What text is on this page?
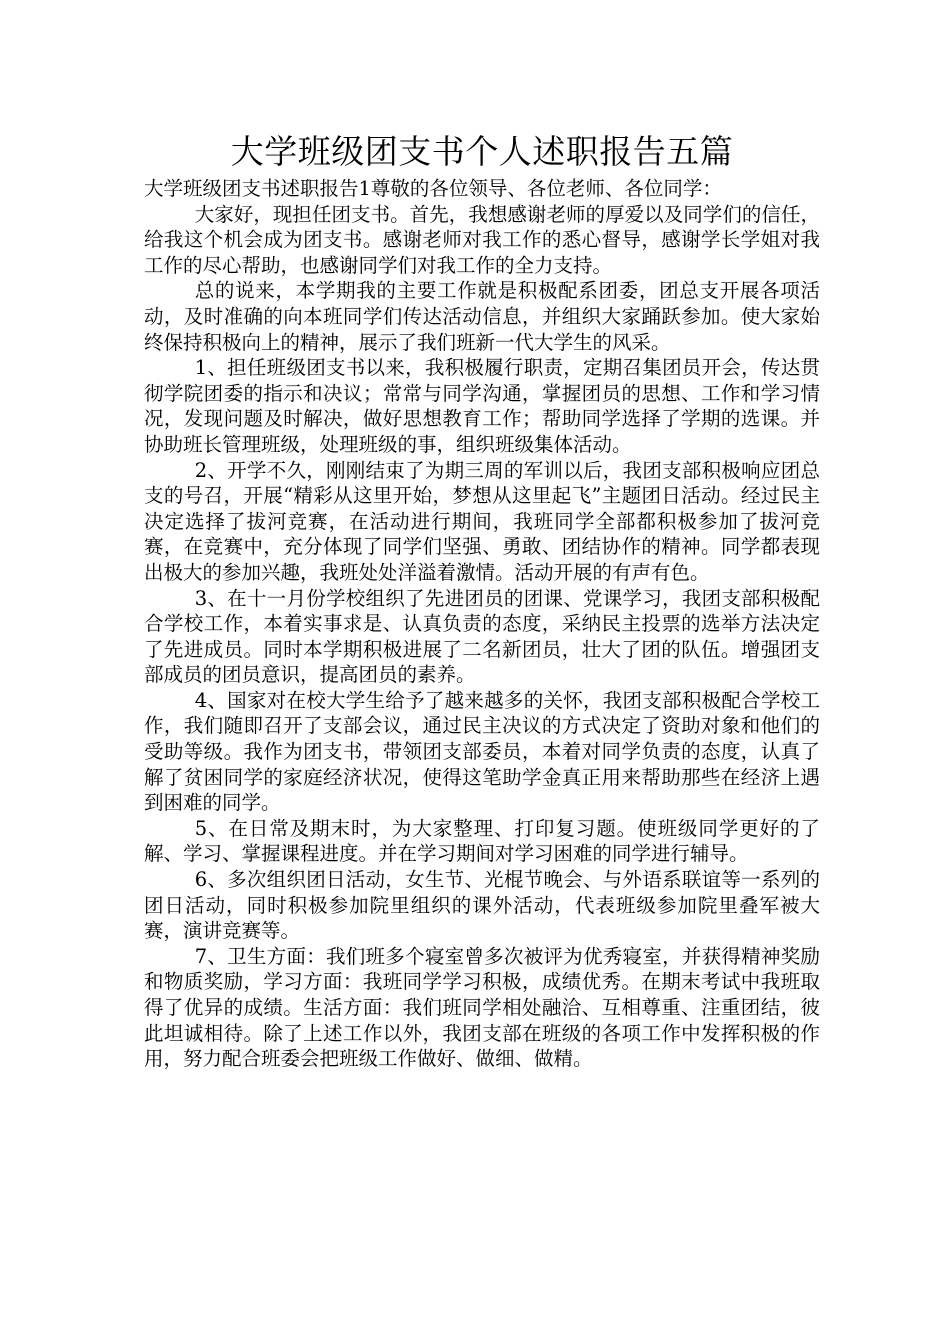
大学班级团支书个人述职报告五篇

大学班级团支书述职报告1尊敬的各位领导、各位老师、各位同学：

大家好，现担任团支书。首先，我想感谢老师的厚爱以及同学们的信任，给我这个机会成为团支书。感谢老师对我工作的悉心督导，感谢学长学姐对我工作的尽心帮助，也感谢同学们对我工作的全力支持。

总的说来，本学期我的主要工作就是积极配系团委，团总支开展各项活动，及时准确的向本班同学们传达活动信息，并组织大家踊跃参加。使大家始终保持积极向上的精神，展示了我们班新一代大学生的风采。

1、担任班级团支书以来，我积极履行职责，定期召集团员开会，传达贯彻学院团委的指示和决议；常常与同学沟通，掌握团员的思想、工作和学习情况，发现问题及时解决，做好思想教育工作；帮助同学选择了学期的选课。并协助班长管理班级，处理班级的事，组织班级集体活动。

2、开学不久，刚刚结束了为期三周的军训以后，我团支部积极响应团总支的号召，开展“精彩从这里开始，梦想从这里起飞”主题团日活动。经过民主决定选择了拔河竞赛，在活动进行期间，我班同学全部都积极参加了拔河竞赛，在竞赛中，充分体现了同学们坚强、勇敢、团结协作的精神。同学都表现出极大的参加兴趣，我班处处洋溢着激情。活动开展的有声有色。

3、在十一月份学校组织了先进团员的团课、党课学习，我团支部积极配合学校工作，本着实事求是、认真负责的态度，采纳民主投票的选举方法决定了先进成员。同时本学期积极进展了二名新团员，壮大了团的队伍。增强团支部成员的团员意识，提高团员的素养。

4、国家对在校大学生给予了越来越多的关怀，我团支部积极配合学校工作，我们随即召开了支部会议，通过民主决议的方式决定了资助对象和他们的受助等级。我作为团支书，带领团支部委员，本着对同学负责的态度，认真了解了贫困同学的家庭经济状况，使得这笔助学金真正用来帮助那些在经济上遇到困难的同学。

5、在日常及期末时，为大家整理、打印复习题。使班级同学更好的了解、学习、掌握课程进度。并在学习期间对学习困难的同学进行辅导。

6、多次组织团日活动，女生节、光棍节晚会、与外语系联谊等一系列的团日活动，同时积极参加院里组织的课外活动，代表班级参加院里叠军被大赛，演讲竞赛等。

7、卫生方面：我们班多个寝室曾多次被评为优秀寝室，并获得精神奖励和物质奖励，学习方面：我班同学学习积极，成绩优秀。在期末考试中我班取得了优异的成绩。生活方面：我们班同学相处融洽、互相尊重、注重团结，彼此坦诚相待。除了上述工作以外，我团支部在班级的各项工作中发挥积极的作用，努力配合班委会把班级工作做好、做细、做精。
